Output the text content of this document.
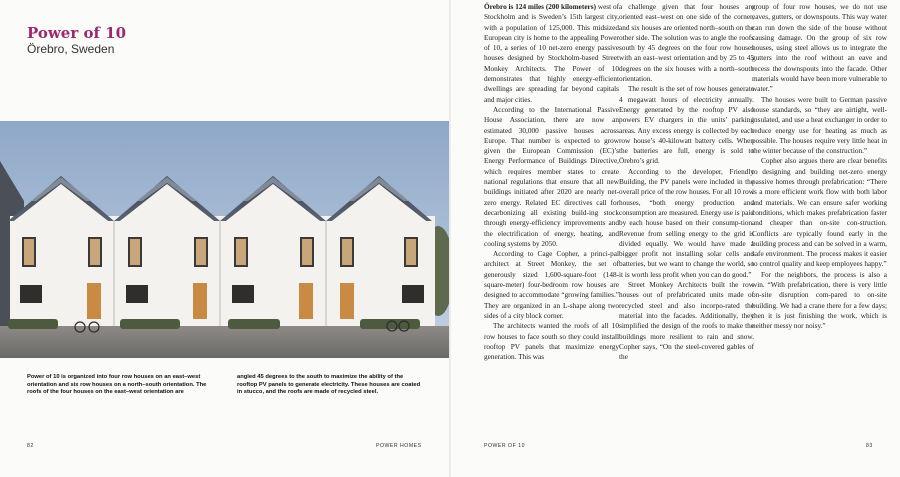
Power of 10
Örebro, Sweden
Power of 10 is organized into four row houses on an east–west orientation and six row houses on a north–south orientation. The roofs of the four houses on the east–west orientation are
angled 45 degrees to the south to maximize the ability of the rooftop PV panels to generate electricity. These houses are coated in stucco, and the roofs are made of recycled steel.
82	POWER HOMES

Örebro is 124 miles (200 kilometers) west of Stockholm and is Sweden’s 15th largest city, with a population of 125,000. This midsized European city is home to the appealing Power of 10, a series of 10 net-zero energy passive houses designed by Stockholm-based Street Monkey Architects. The Power of 10 demonstrates that highly energy-efficient dwellings are spreading far beyond capitals and major cities.

According to the International Passive House Association, there are now an estimated 30,000 passive houses across Europe. That number is expected to grow given the European Commission (EC)’s Energy Performance of Buildings Directive, which requires member states to create national regulations that ensure that all new buildings initiated after 2020 are nearly net-zero energy. Related EC directives call for decarbonizing all existing build-ing stock through energy-efficiency improvements and the electrification of energy, heating, and cooling systems by 2050.

According to Cage Copher, a princi-pal architect at Street Monkey, the set of generously sized 1,600-square-foot (148-square-meter) four-bedroom row houses are designed to accommodate “growing families.” They are organized in an L-shape along two sides of a city block corner.

The architects wanted the roofs of all 10 row houses to face south so they could install rooftop PV panels that maximize energy generation. This was

a challenge given that four houses are oriented east–west on one side of the corner, and six houses are oriented north–south on the other side. The solution was to angle the roofs south by 45 degrees on the four row houses with an east–west orientation and by 25 to 45 degrees on the six houses with a north–south orientation.

The result is the set of row houses generate 4 megawatt hours of electricity annually. Energy generated by the rooftop PV also powers EV chargers in the units’ parking areas. Any excess energy is collected by each row house’s 40-kilowatt battery cells. When the batteries are full, energy is sold to Örebro’s grid.

According to the developer, Friendly Building, the PV panels were included in the overall price of the row houses. For all 10 row houses, “both energy production and consumption are measured. Energy use is paid by each house based on their consump-tion. Revenue from selling energy to the grid is divided equally. We would have made a bigger profit not installing solar cells and batteries, but we want to change the world, so it is worth less profit when you can do good.”

Street Monkey Architects built the row houses out of prefabricated units made of recycled steel and also incorpo-rated the material into the facades. Additionally, they simplified the design of the roofs to make the buildings more resilient to rain and snow. Copher says, “On the steel-covered gables of the

group of four row houses, we do not use eaves, gutters, or downspouts. This way water can run down the side of the house without causing damage. On the group of six row houses, using steel allows us to integrate the gutters into the roof without an eave and recess the downspouts into the facade. Other materials would have been more vulnerable to water.”

The houses were built to German passive house standards, so “they are airtight, well-insulated, and use a heat exchanger in order to reduce energy use for heating as much as possible. The houses require very little heat in the winter because of the construction.”

Copher also argues there are clear benefits to designing and building net-zero energy passive homes through prefabrication: “There is a more efficient work flow with both labor and materials. We can ensure safer working conditions, which makes prefabrication faster and cheaper than on-site con-struction. Conflicts are typically found early in the building process and can be solved in a warm, safe environment. The process makes it easier to control quality and keep employees happy.”

For the neighbors, the process is also a win. “With prefabrication, there is very little on-site disruption com-pared to on-site building. We had a crane there for a few days; then it is just finishing the work, which is neither messy nor noisy.”

POWER OF 10	83
